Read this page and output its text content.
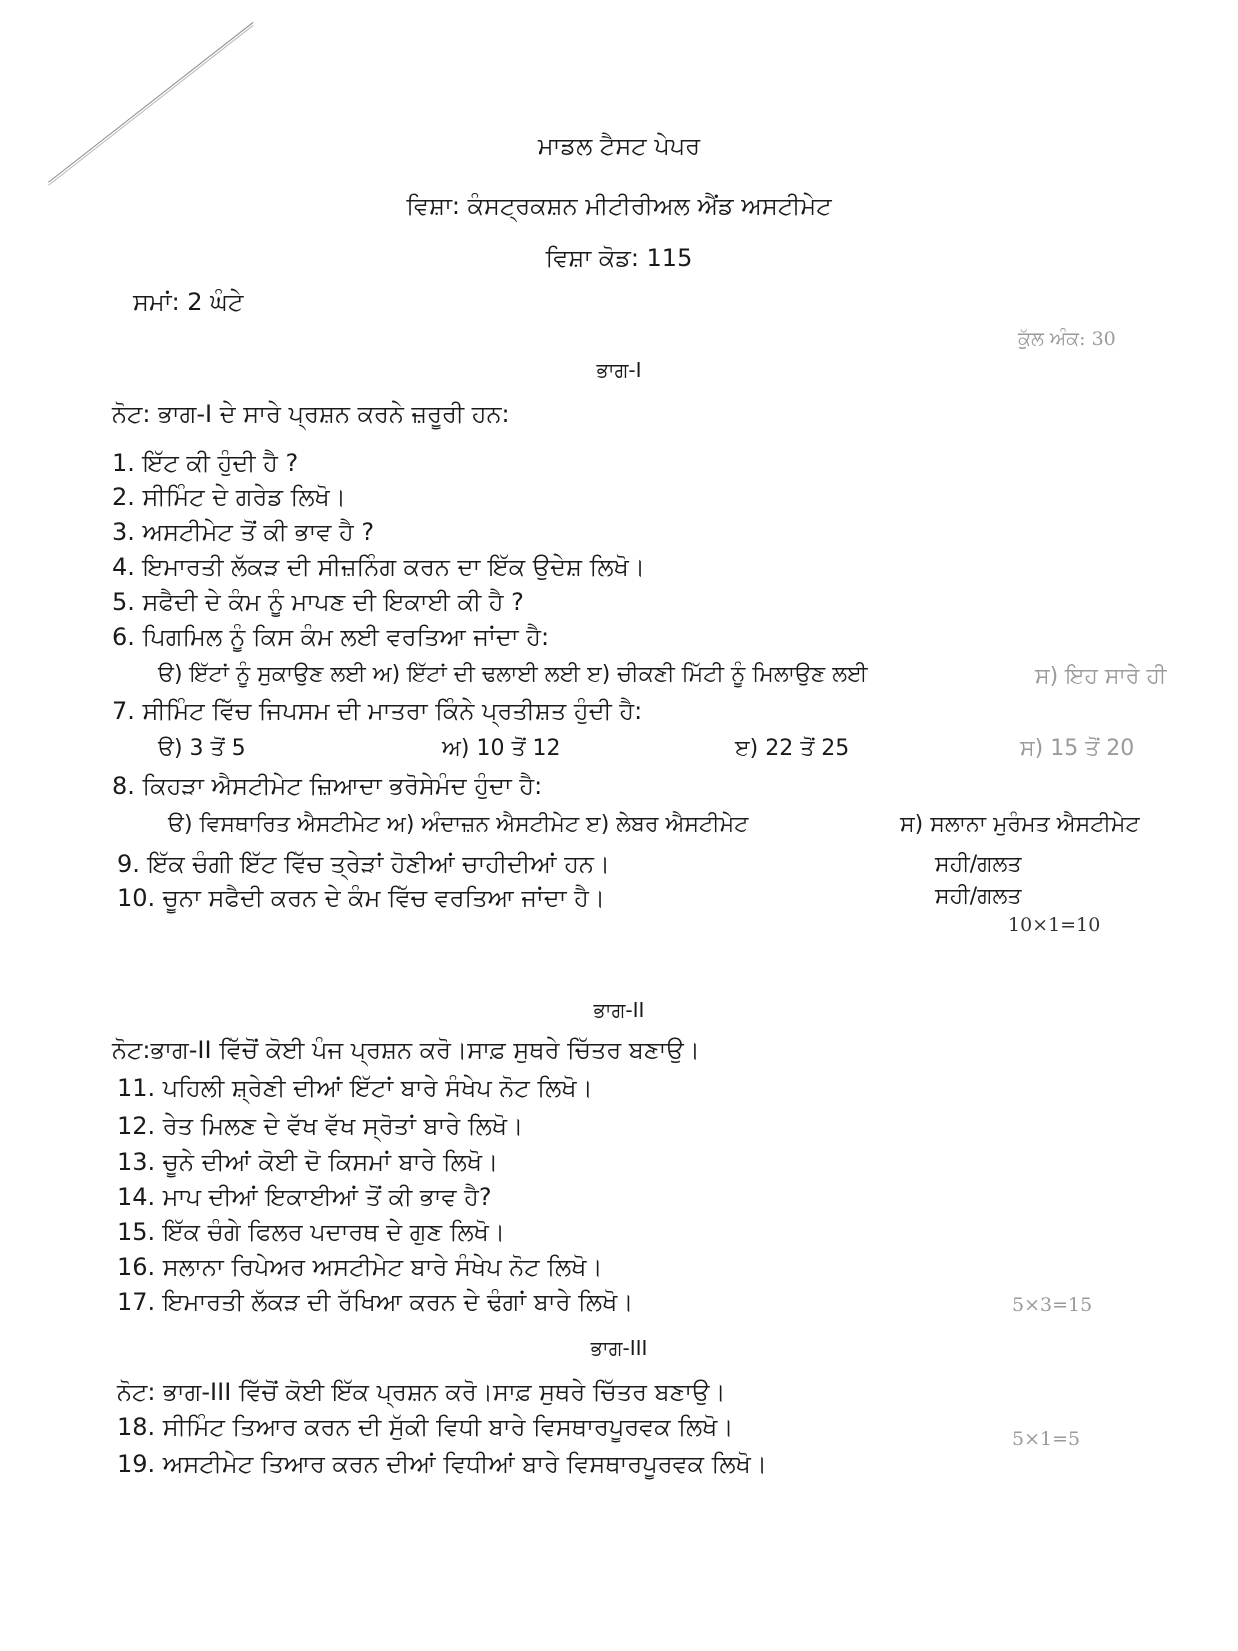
ਮਾਡਲ ਟੈਸਟ ਪੇਪਰ
ਵਿਸ਼ਾ: ਕੰਸਟ੍ਰਕਸ਼ਨ ਮੀਟੀਰੀਅਲ ਐਂਡ ਅਸਟੀਮੇਟ
ਵਿਸ਼ਾ ਕੋਡ: 115
ਸਮਾਂ: 2 ਘੰਟੇ
ਕੁੱਲ ਅੰਕ: 30
ਭਾਗ-I
ਨੋਟ: ਭਾਗ-I ਦੇ ਸਾਰੇ ਪ੍ਰਸ਼ਨ ਕਰਨੇ ਜ਼ਰੂਰੀ ਹਨ:
1. ਇੱਟ ਕੀ ਹੁੰਦੀ ਹੈ ?
2. ਸੀਮਿੰਟ ਦੇ ਗਰੇਡ ਲਿਖੋ।
3. ਅਸਟੀਮੇਟ ਤੋਂ ਕੀ ਭਾਵ ਹੈ ?
4. ਇਮਾਰਤੀ ਲੱਕੜ ਦੀ ਸੀਜ਼ਨਿੰਗ ਕਰਨ ਦਾ ਇੱਕ ਉਦੇਸ਼ ਲਿਖੋ।
5. ਸਫੈਦੀ ਦੇ ਕੰਮ ਨੂੰ ਮਾਪਣ ਦੀ ਇਕਾਈ ਕੀ ਹੈ ?
6. ਪਿਗਮਿਲ ਨੂੰ ਕਿਸ ਕੰਮ ਲਈ ਵਰਤਿਆ ਜਾਂਦਾ ਹੈ:
ੳ) ਇੱਟਾਂ ਨੂੰ ਸੁਕਾਉਣ ਲਈ ਅ) ਇੱਟਾਂ ਦੀ ਢਲਾਈ ਲਈ ੲ) ਚੀਕਣੀ ਮਿੱਟੀ ਨੂੰ ਮਿਲਾਉਣ ਲਈ	ਸ) ਇਹ ਸਾਰੇ ਹੀ
7. ਸੀਮਿੰਟ ਵਿੱਚ ਜਿਪਸਮ ਦੀ ਮਾਤਰਾ ਕਿੰਨੇ ਪ੍ਰਤੀਸ਼ਤ ਹੁੰਦੀ ਹੈ:
ੳ) 3 ਤੋਂ 5	ਅ) 10 ਤੋਂ 12	ੲ) 22 ਤੋਂ 25	ਸ) 15 ਤੋਂ 20
8. ਕਿਹੜਾ ਐਸਟੀਮੇਟ ਜ਼ਿਆਦਾ ਭਰੋਸੇਮੰਦ ਹੁੰਦਾ ਹੈ:
ੳ) ਵਿਸਥਾਰਿਤ ਐਸਟੀਮੇਟ ਅ) ਅੰਦਾਜ਼ਨ ਐਸਟੀਮੇਟ ੲ) ਲੇਬਰ ਐਸਟੀਮੇਟ	ਸ) ਸਲਾਨਾ ਮੁਰੰਮਤ ਐਸਟੀਮੇਟ
9. ਇੱਕ ਚੰਗੀ ਇੱਟ ਵਿੱਚ ਤ੍ਰੇੜਾਂ ਹੋਣੀਆਂ ਚਾਹੀਦੀਆਂ ਹਨ।	ਸਹੀ/ਗਲਤ
10. ਚੂਨਾ ਸਫੈਦੀ ਕਰਨ ਦੇ ਕੰਮ ਵਿੱਚ ਵਰਤਿਆ ਜਾਂਦਾ ਹੈ।	ਸਹੀ/ਗਲਤ
10×1=10
ਭਾਗ-II
ਨੋਟ:ਭਾਗ-II ਵਿੱਚੋਂ ਕੋਈ ਪੰਜ ਪ੍ਰਸ਼ਨ ਕਰੋ।ਸਾਫ਼ ਸੁਥਰੇ ਚਿੱਤਰ ਬਣਾਉ।
11. ਪਹਿਲੀ ਸ਼੍ਰੇਣੀ ਦੀਆਂ ਇੱਟਾਂ ਬਾਰੇ ਸੰਖੇਪ ਨੋਟ ਲਿਖੋ।
12. ਰੇਤ ਮਿਲਣ ਦੇ ਵੱਖ ਵੱਖ ਸ੍ਰੋਤਾਂ ਬਾਰੇ ਲਿਖੋ।
13. ਚੂਨੇ ਦੀਆਂ ਕੋਈ ਦੋ ਕਿਸਮਾਂ ਬਾਰੇ ਲਿਖੋ।
14. ਮਾਪ ਦੀਆਂ ਇਕਾਈਆਂ ਤੋਂ ਕੀ ਭਾਵ ਹੈ?
15. ਇੱਕ ਚੰਗੇ ਫਿਲਰ ਪਦਾਰਥ ਦੇ ਗੁਣ ਲਿਖੋ।
16. ਸਲਾਨਾ ਰਿਪੇਅਰ ਅਸਟੀਮੇਟ ਬਾਰੇ ਸੰਖੇਪ ਨੋਟ ਲਿਖੋ।
17. ਇਮਾਰਤੀ ਲੱਕੜ ਦੀ ਰੱਖਿਆ ਕਰਨ ਦੇ ਢੰਗਾਂ ਬਾਰੇ ਲਿਖੋ।	5×3=15
ਭਾਗ-III
ਨੋਟ: ਭਾਗ-III ਵਿੱਚੋਂ ਕੋਈ ਇੱਕ ਪ੍ਰਸ਼ਨ ਕਰੋ।ਸਾਫ਼ ਸੁਥਰੇ ਚਿੱਤਰ ਬਣਾਉ।
18. ਸੀਮਿੰਟ ਤਿਆਰ ਕਰਨ ਦੀ ਸੁੱਕੀ ਵਿਧੀ ਬਾਰੇ ਵਿਸਥਾਰਪੂਰਵਕ ਲਿਖੋ।	5×1=5
19. ਅਸਟੀਮੇਟ ਤਿਆਰ ਕਰਨ ਦੀਆਂ ਵਿਧੀਆਂ ਬਾਰੇ ਵਿਸਥਾਰਪੂਰਵਕ ਲਿਖੋ।
